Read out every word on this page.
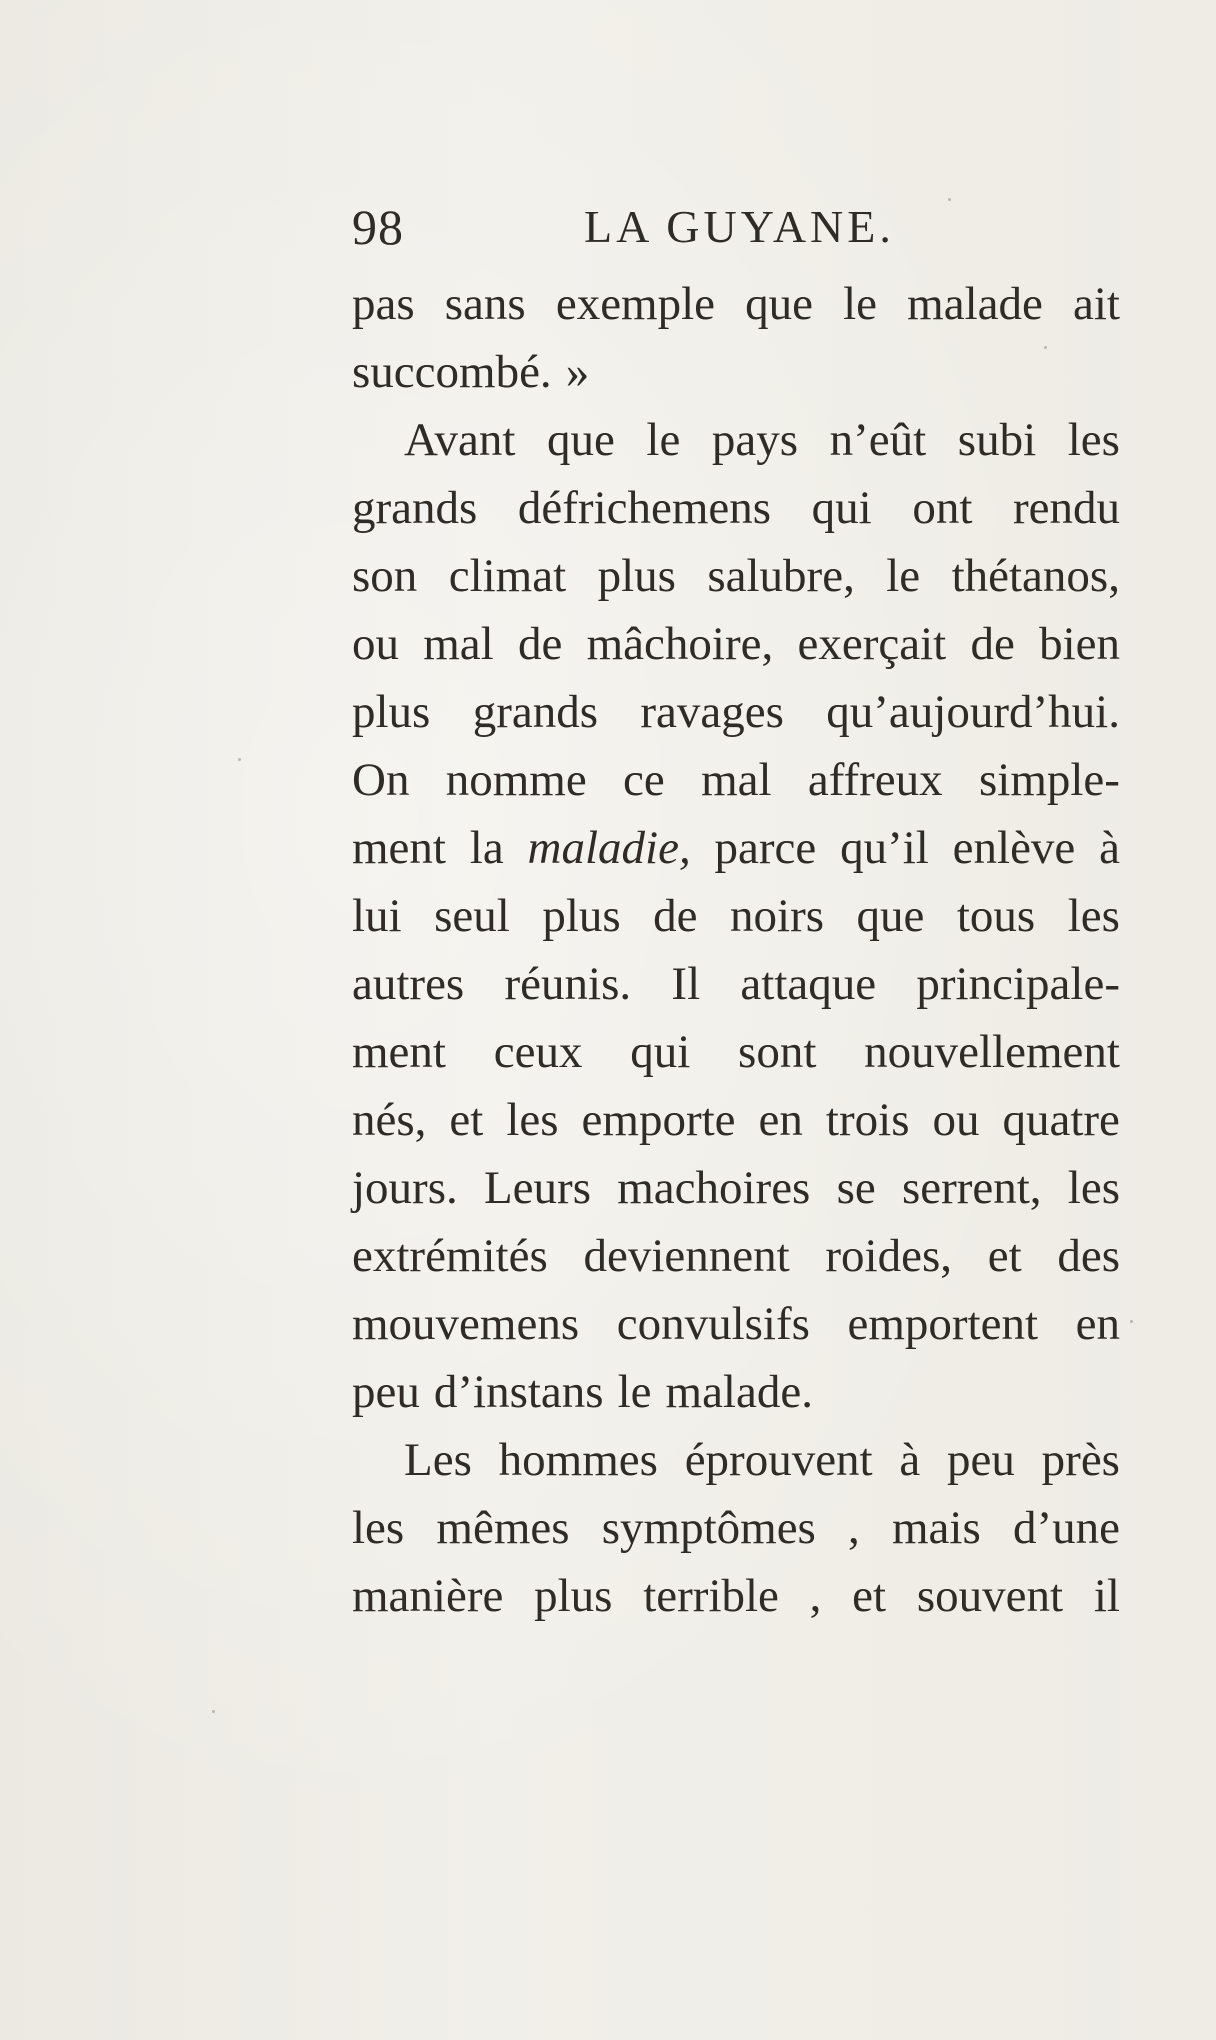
98	LA GUYANE.
pas sans exemple que le malade ait
succombé. »
Avant que le pays n’eût subi les
grands défrichemens qui ont rendu
son climat plus salubre, le thétanos,
ou mal de mâchoire, exerçait de bien
plus grands ravages qu’aujourd’hui.
On nomme ce mal affreux simple-
ment la maladie, parce qu’il enlève à
lui seul plus de noirs que tous les
autres réunis. Il attaque principale-
ment ceux qui sont nouvellement
nés, et les emporte en trois ou quatre
jours. Leurs machoires se serrent, les
extrémités deviennent roides, et des
mouvemens convulsifs emportent en
peu d’instans le malade.
Les hommes éprouvent à peu près
les mêmes symptômes , mais d’une
manière plus terrible , et souvent il
